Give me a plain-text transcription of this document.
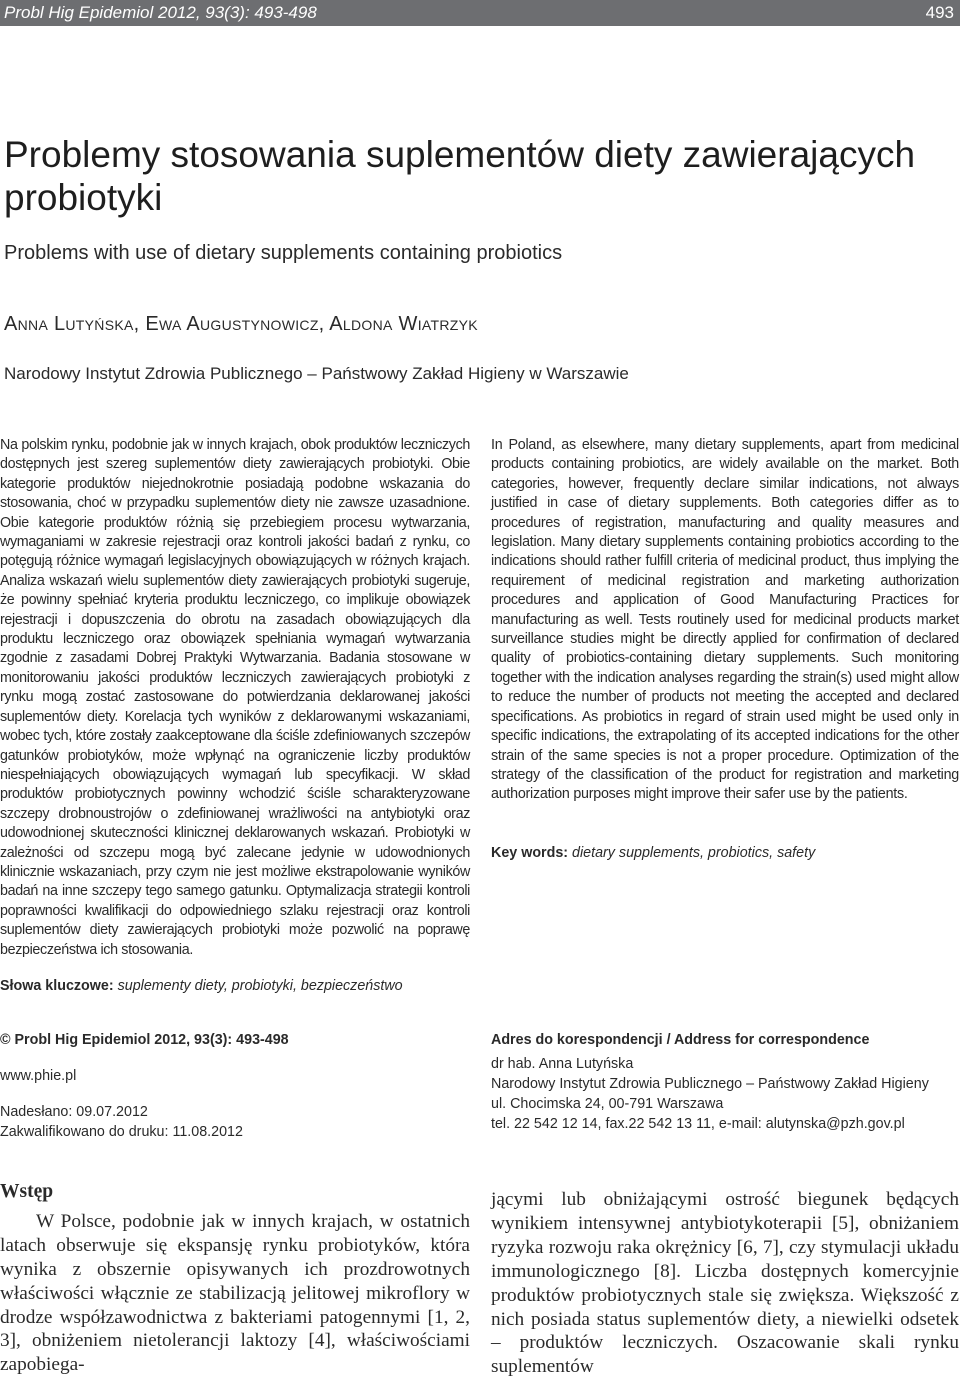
Probl Hig Epidemiol 2012, 93(3): 493-498	493
Problemy stosowania suplementów diety zawierających probiotyki
Problems with use of dietary supplements containing probiotics
Anna Lutyńska, Ewa Augustynowicz, Aldona Wiatrzyk
Narodowy Instytut Zdrowia Publicznego – Państwowy Zakład Higieny w Warszawie

Na polskim rynku, podobnie jak w innych krajach, obok produktów leczniczych dostępnych jest szereg suplementów diety zawierających probiotyki. Obie kategorie produktów niejednokrotnie posiadają podobne wskazania do stosowania, choć w przypadku suplementów diety nie zawsze uzasadnione. Obie kategorie produktów różnią się przebiegiem procesu wytwarzania, wymaganiami w zakresie rejestracji oraz kontroli jakości badań z rynku, co potęgują różnice wymagań legislacyjnych obowiązujących w różnych krajach. Analiza wskazań wielu suplementów diety zawierających probiotyki sugeruje, że powinny spełniać kryteria produktu leczniczego, co implikuje obowiązek rejestracji i dopuszczenia do obrotu na zasadach obowiązujących dla produktu leczniczego oraz obowiązek spełniania wymagań wytwarzania zgodnie z zasadami Dobrej Praktyki Wytwarzania. Badania stosowane w monitorowaniu jakości produktów leczniczych zawierających probiotyki z rynku mogą zostać zastosowane do potwierdzania deklarowanej jakości suplementów diety. Korelacja tych wyników z deklarowanymi wskazaniami, wobec tych, które zostały zaakceptowane dla ściśle zdefiniowanych szczepów gatunków probiotyków, może wpłynąć na ograniczenie liczby produktów niespełniających obowiązujących wymagań lub specyfikacji. W skład produktów probiotycznych powinny wchodzić ściśle scharakteryzowane szczepy drobnoustrojów o zdefiniowanej wrażliwości na antybiotyki oraz udowodnionej skuteczności klinicznej deklarowanych wskazań. Probiotyki w zależności od szczepu mogą być zalecane jedynie w udowodnionych klinicznie wskazaniach, przy czym nie jest możliwe ekstrapolowanie wyników badań na inne szczepy tego samego gatunku. Optymalizacja strategii kontroli poprawności kwalifikacji do odpowiedniego szlaku rejestracji oraz kontroli suplementów diety zawierających probiotyki może pozwolić na poprawę bezpieczeństwa ich stosowania.

Słowa kluczowe: suplementy diety, probiotyki, bezpieczeństwo

In Poland, as elsewhere, many dietary supplements, apart from medicinal products containing probiotics, are widely available on the market. Both categories, however, frequently declare similar indications, not always justified in case of dietary supplements. Both categories differ as to procedures of registration, manufacturing and quality measures and legislation. Many dietary supplements containing probiotics according to the indications should rather fulfill criteria of medicinal product, thus implying the requirement of medicinal registration and marketing authorization procedures and application of Good Manufacturing Practices for manufacturing as well. Tests routinely used for medicinal products market surveillance studies might be directly applied for confirmation of declared quality of probiotics-containing dietary supplements. Such monitoring together with the indication analyses regarding the strain(s) used might allow to reduce the number of products not meeting the accepted and declared specifications. As probiotics in regard of strain used might be used only in specific indications, the extrapolating of its accepted indications for the other strain of the same species is not a proper procedure. Optimization of the strategy of the classification of the product for registration and marketing authorization purposes might improve their safer use by the patients.

Key words: dietary supplements, probiotics, safety
© Probl Hig Epidemiol 2012, 93(3): 493-498
www.phie.pl
Nadesłano: 09.07.2012
Zakwalifikowano do druku: 11.08.2012
Adres do korespondencji / Address for correspondence
dr hab. Anna Lutyńska
Narodowy Instytut Zdrowia Publicznego – Państwowy Zakład Higieny
ul. Chocimska 24, 00-791 Warszawa
tel. 22 542 12 14, fax.22 542 13 11, e-mail: alutynska@pzh.gov.pl
Wstęp
W Polsce, podobnie jak w innych krajach, w ostatnich latach obserwuje się ekspansję rynku probiotyków, która wynika z obszernie opisywanych ich prozdrowotnych właściwości włącznie ze stabilizacją jelitowej mikroflory w drodze współzawodnictwa z bakteriami patogennymi [1, 2, 3], obniżeniem nietolerancji laktozy [4], właściwościami zapobiega-
jącymi lub obniżającymi ostrość biegunek będących wynikiem intensywnej antybiotykoterapii [5], obniżaniem ryzyka rozwoju raka okrężnicy [6, 7], czy stymulacji układu immunologicznego [8]. Liczba dostępnych komercyjnie produktów probiotycznych stale się zwiększa. Większość z nich posiada status suplementów diety, a niewielki odsetek – produktów leczniczych. Oszacowanie skali rynku suplementów
